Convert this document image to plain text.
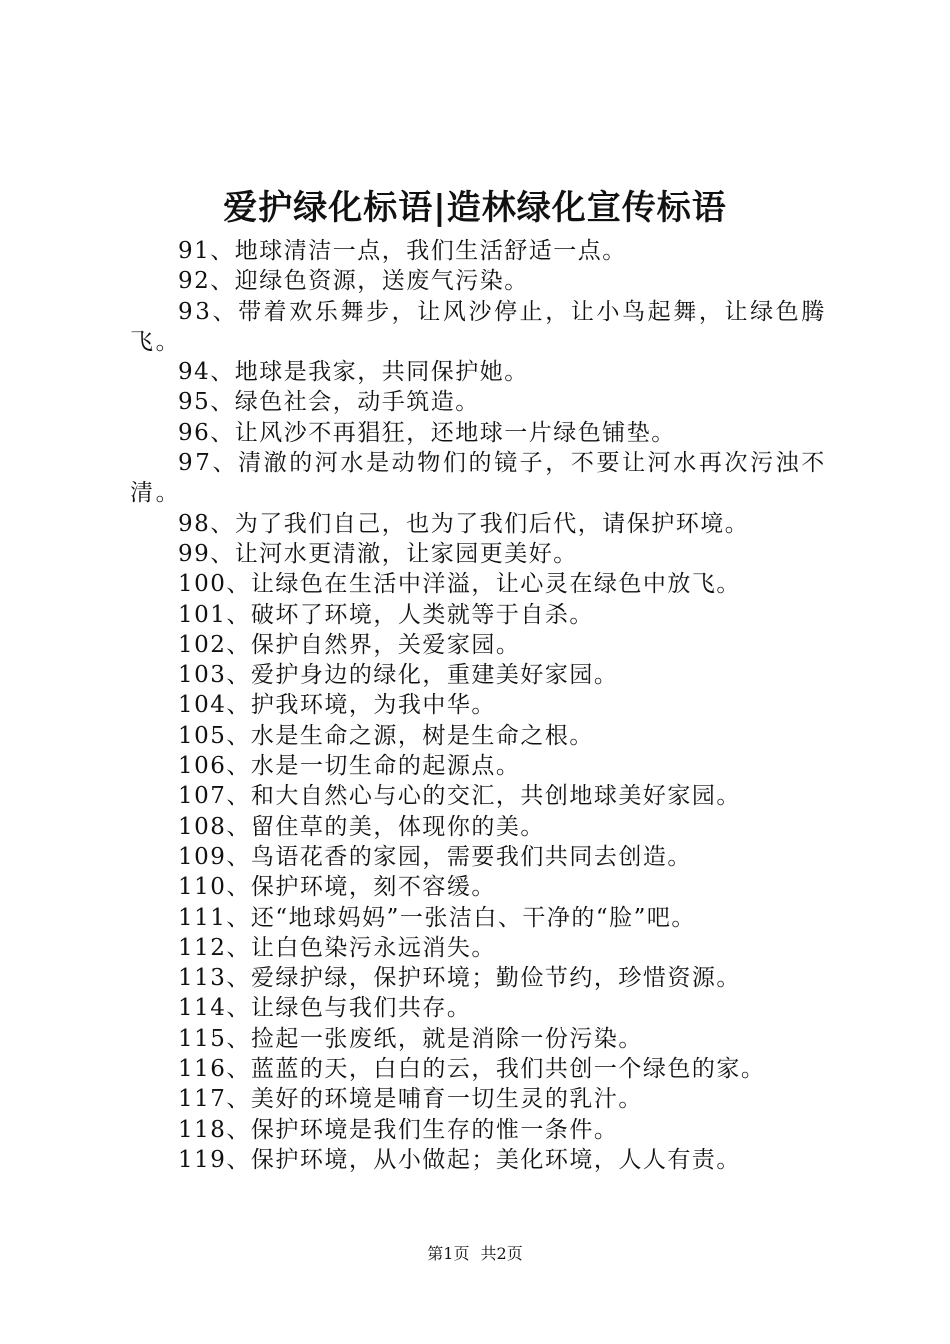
爱护绿化标语|造林绿化宣传标语
91、地球清洁一点，我们生活舒适一点。
92、迎绿色资源，送废气污染。
93、带着欢乐舞步，让风沙停止，让小鸟起舞，让绿色腾飞。
94、地球是我家，共同保护她。
95、绿色社会，动手筑造。
96、让风沙不再猖狂，还地球一片绿色铺垫。
97、清澈的河水是动物们的镜子，不要让河水再次污浊不清。
98、为了我们自己，也为了我们后代，请保护环境。
99、让河水更清澈，让家园更美好。
100、让绿色在生活中洋溢，让心灵在绿色中放飞。
101、破坏了环境，人类就等于自杀。
102、保护自然界，关爱家园。
103、爱护身边的绿化，重建美好家园。
104、护我环境，为我中华。
105、水是生命之源，树是生命之根。
106、水是一切生命的起源点。
107、和大自然心与心的交汇，共创地球美好家园。
108、留住草的美，体现你的美。
109、鸟语花香的家园，需要我们共同去创造。
110、保护环境，刻不容缓。
111、还“地球妈妈”一张洁白、干净的“脸”吧。
112、让白色染污永远消失。
113、爱绿护绿，保护环境；勤俭节约，珍惜资源。
114、让绿色与我们共存。
115、捡起一张废纸，就是消除一份污染。
116、蓝蓝的天，白白的云，我们共创一个绿色的家。
117、美好的环境是哺育一切生灵的乳汁。
118、保护环境是我们生存的惟一条件。
119、保护环境，从小做起；美化环境，人人有责。
第1页 共2页
